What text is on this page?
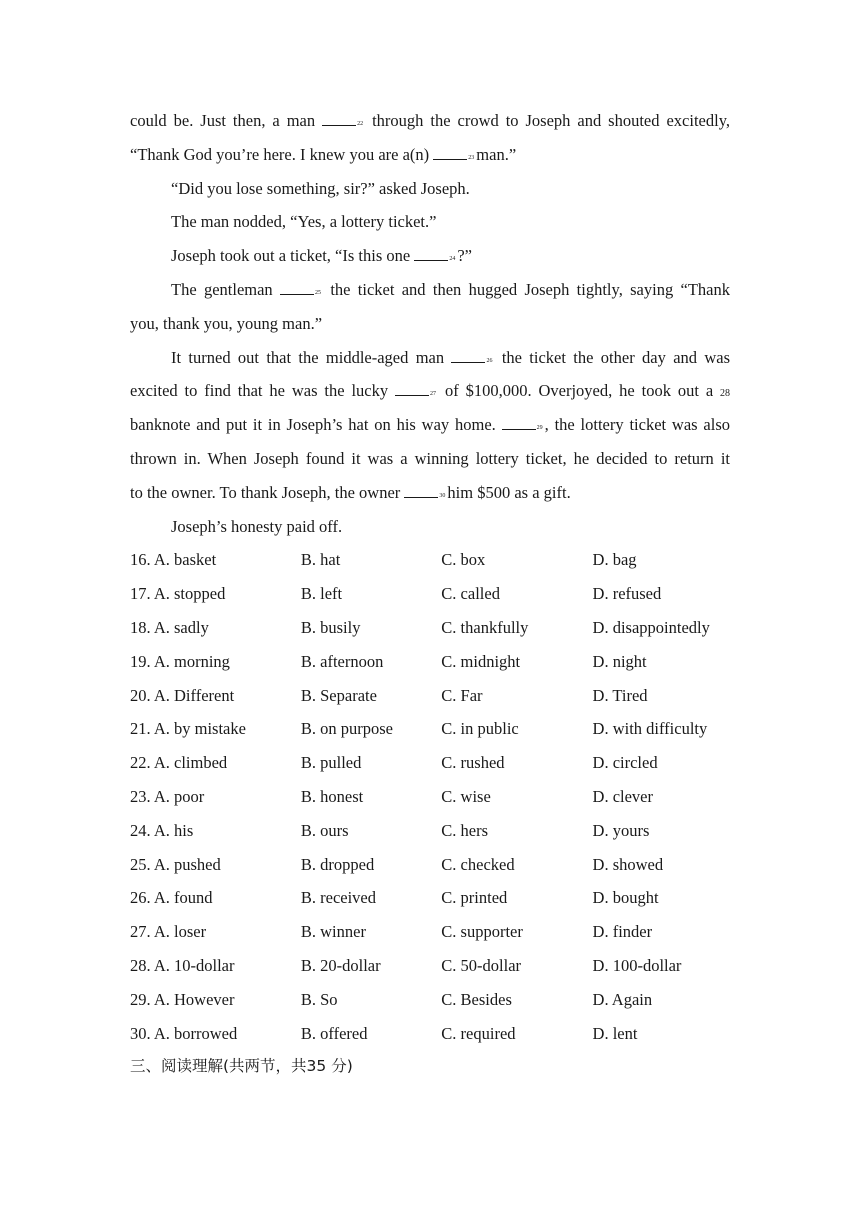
could be. Just then, a man	$_{22}$ through the crowd to Joseph and shouted excitedly,
“Thank God you’re here. I knew you are a(n)	$_{23}$ man.”
“Did you lose something, sir?” asked Joseph.
The man nodded, “Yes, a lottery ticket.”
Joseph took out a ticket, “Is this one	$_{24}$ ?”
The gentleman	$_{25}$ the ticket and then hugged Joseph tightly, saying “Thank
you, thank you, young man.”
It turned out that the middle-aged man	$_{26}$ the ticket the other day and was
excited to find that he was the lucky	$_{27}$ of $100,000. Overjoyed, he took out a 28
banknote and put it in Joseph’s hat on his way home.	$_{29}$ , the lottery ticket was also
thrown in. When Joseph found it was a winning lottery ticket, he decided to return it
to the owner. To thank Joseph, the owner	$_{30}$ him $500 as a gift.
Joseph’s honesty paid off.
16. A. basket	B. hat	C. box	D. bag
17. A. stopped	B. left	C. called	D. refused
18. A. sadly	B. busily	C. thankfully	D. disappointedly
19. A. morning	B. afternoon	C. midnight	D. night
20. A. Different	B. Separate	C. Far	D. Tired
21. A. by mistake	B. on purpose	C. in public	D. with difficulty
22. A. climbed	B. pulled	C. rushed	D. circled
23. A. poor	B. honest	C. wise	D. clever
24. A. his	B. ours	C. hers	D. yours
25. A. pushed	B. dropped	C. checked	D. showed
26. A. found	B. received	C. printed	D. bought
27. A. loser	B. winner	C. supporter	D. finder
28. A. 10-dollar	B. 20-dollar	C. 50-dollar	D. 100-dollar
29. A. However	B. So	C. Besides	D. Again
30. A. borrowed	B. offered	C. required	D. lent
三、阅读理解(共两节，共35 分)
